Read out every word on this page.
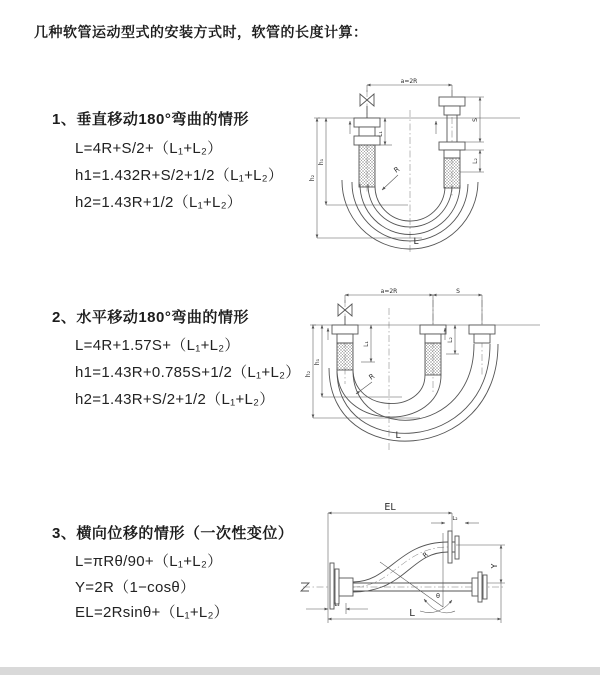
几种软管运动型式的安装方式时，软管的长度计算：
1、垂直移动180°弯曲的情形
L=4R+S/2+（L₁+L₂）
h1=1.432R+S/2+1/2（L₁+L₂）
h2=1.43R+1/2（L₁+L₂）
2、水平移动180°弯曲的情形
L=4R+1.57S+（L₁+L₂）
h1=1.43R+0.785S+1/2（L₁+L₂）
h2=1.43R+S/2+1/2（L₁+L₂）
3、横向位移的情形（一次性变位）
L=πRθ/90+（L₁+L₂）
Y=2R（1−cosθ）
EL=2Rsinθ+（L₁+L₂）
a=2R
L₁
S
L₂
h₁
h₂
R
L
a=2R	S
L₁
L₂
h₁
h₂	R
L
EL
L₂
R
Y
θ
L₁
L
